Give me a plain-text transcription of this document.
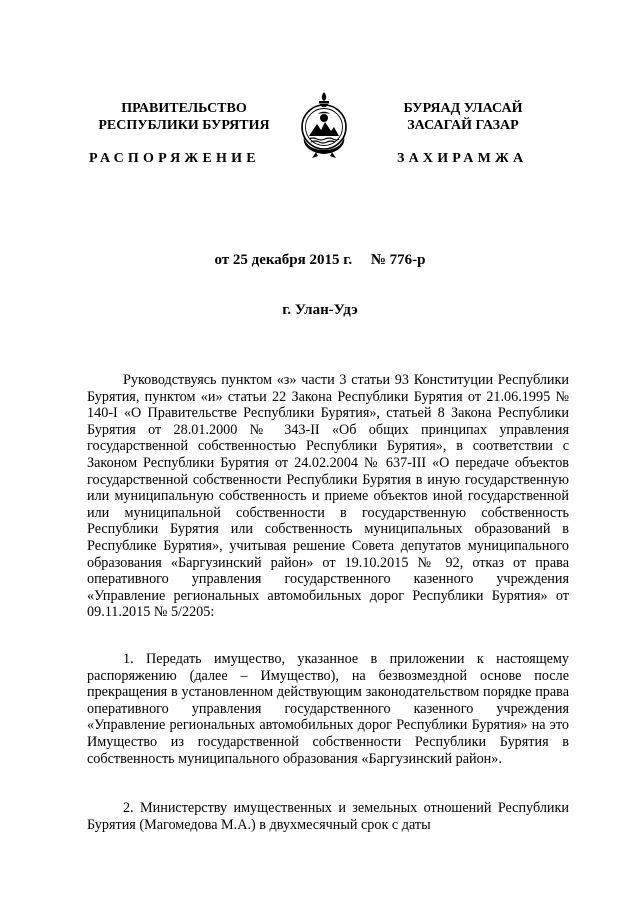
ПРАВИТЕЛЬСТВО
РЕСПУБЛИКИ БУРЯТИЯ
БУРЯАД УЛАСАЙ
ЗАСАГАЙ ГАЗАР
РАСПОРЯЖЕНИЕ	ЗАХИРАМЖА
от 25 декабря 2015 г.     № 776-р
г. Улан-Удэ

Руководствуясь пунктом «з» части 3 статьи 93 Конституции Республики Бурятия, пунктом «и» статьи 22 Закона Республики Бурятия от 21.06.1995 № 140-I «О Правительстве Республики Бурятия», статьей 8 Закона Республики Бурятия от 28.01.2000 № 343-II «Об общих принципах управления государственной собственностью Республики Бурятия», в соответствии с Законом Республики Бурятия от 24.02.2004 № 637-III «О передаче объектов государственной собственности Республики Бурятия в иную государственную или муниципальную собственность и приеме объектов иной государственной или муниципальной собственности в государственную собственность Республики Бурятия или собственность муниципальных образований в Республике Бурятия», учитывая решение Совета депутатов муниципального образования «Баргузинский район» от 19.10.2015 № 92, отказ от права оперативного управления государственного казенного учреждения «Управление региональных автомобильных дорог Республики Бурятия» от 09.11.2015 № 5/2205:

1. Передать имущество, указанное в приложении к настоящему распоряжению (далее – Имущество), на безвозмездной основе после прекращения в установленном действующим законодательством порядке права оперативного управления государственного казенного учреждения «Управление региональных автомобильных дорог Республики Бурятия» на это Имущество из государственной собственности Республики Бурятия в собственность муниципального образования «Баргузинский район».

2. Министерству имущественных и земельных отношений Республики Бурятия (Магомедова М.А.) в двухмесячный срок с даты
